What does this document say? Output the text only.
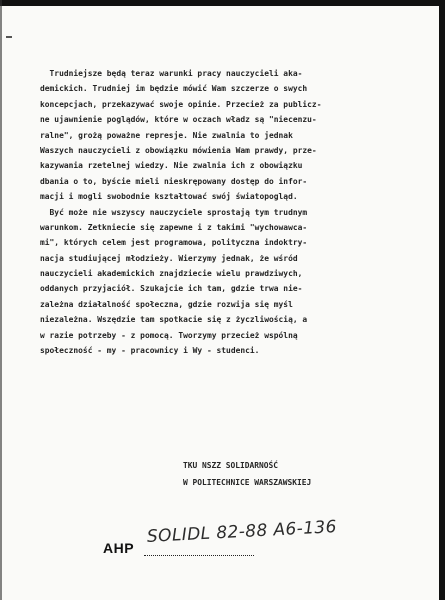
Trudniejsze będą teraz warunki pracy nauczycieli aka-
demickich. Trudniej im będzie mówić Wam szczerze o swych
koncepcjach, przekazywać swoje opinie. Przecież za publicz-
ne ujawnienie poglądów, które w oczach władz są "niecenzu-
ralne", grożą poważne represje. Nie zwalnia to jednak
Waszych nauczycieli z obowiązku mówienia Wam prawdy, prze-
kazywania rzetelnej wiedzy. Nie zwalnia ich z obowiązku
dbania o to, byście mieli nieskrępowany dostęp do infor-
macji i mogli swobodnie kształtować swój światopogląd.
Być może nie wszyscy nauczyciele sprostają tym trudnym
warunkom. Zetkniecie się zapewne i z takimi "wychowawca-
mi", których celem jest programowa, polityczna indoktry-
nacja studiującej młodzieży. Wierzymy jednak, że wśród
nauczycieli akademickich znajdziecie wielu prawdziwych,
oddanych przyjaciół. Szukajcie ich tam, gdzie trwa nie-
zależna działalność społeczna, gdzie rozwija się myśl
niezależna. Wszędzie tam spotkacie się z życzliwością, a
w razie potrzeby - z pomocą. Tworzymy przecież wspólną
społeczność - my - pracownicy i Wy - studenci.
TKU NSZZ SOLIDARNOŚĆ
W POLITECHNICE WARSZAWSKIEJ
AHP
SOLIDL 82-88 A6-136
